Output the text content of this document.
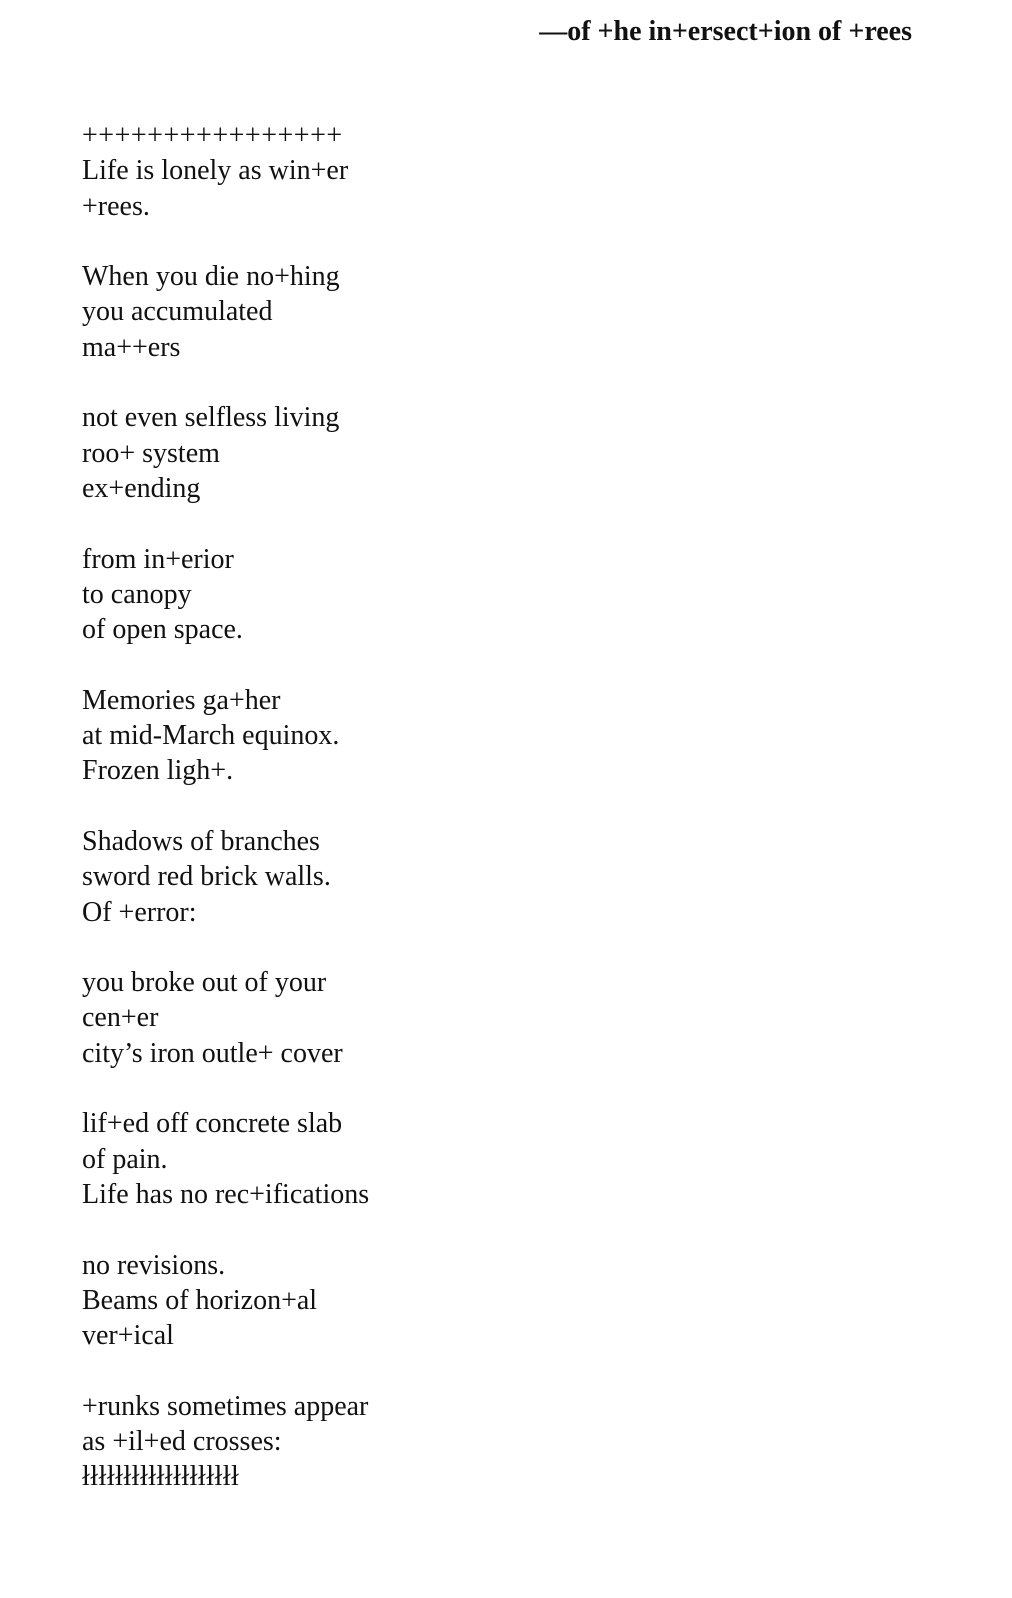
—of +he in+ersect+ion of +rees
++++++++++++++++
Life is lonely as win+er
+rees.
When you die no+hing
you accumulated
ma++ers
not even selfless living
roo+ system
ex+ending
from in+erior
to canopy
of open space.
Memories ga+her
at mid-March equinox.
Frozen ligh+.
Shadows of branches
sword red brick walls.
Of +error:
you broke out of your
cen+er
city’s iron outle+ cover
lif+ed off concrete slab
of pain.
Life has no rec+ifications
no revisions.
Beams of horizon+al
ver+ical
+runks sometimes appear
as +il+ed crosses:
łłłłłłłłłłłłłłłłłłł
